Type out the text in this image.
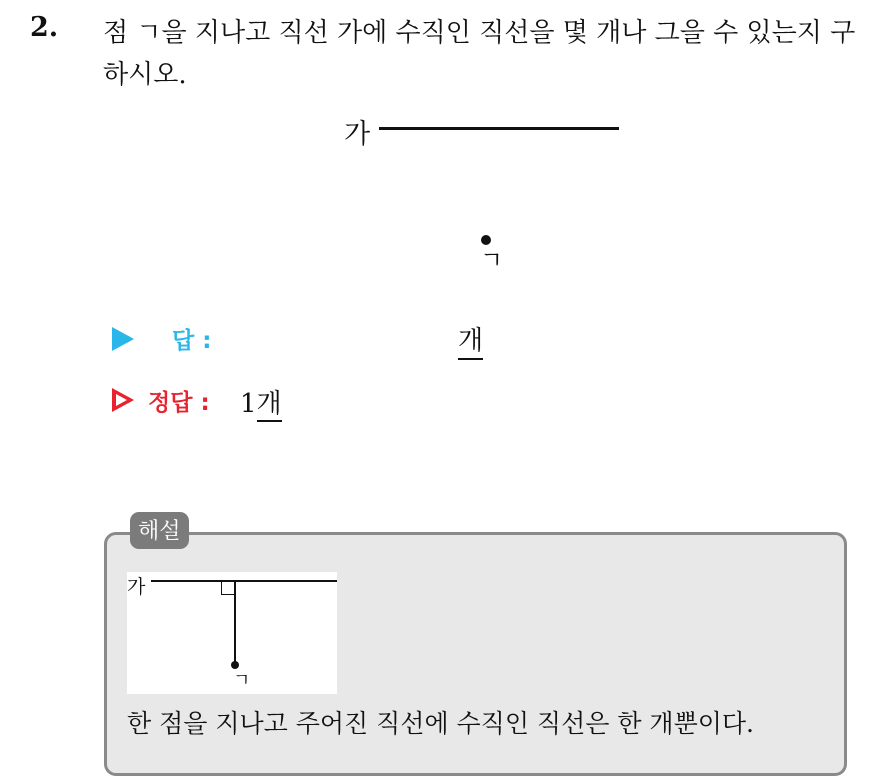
2. 점 ㄱ을 지나고 직선 가에 수직인 직선을 몇 개나 그을 수 있는지 구하시오.
가
ㄱ
답 :	개
정답 : 1개
해설
가
ㄱ
한 점을 지나고 주어진 직선에 수직인 직선은 한 개뿐이다.
